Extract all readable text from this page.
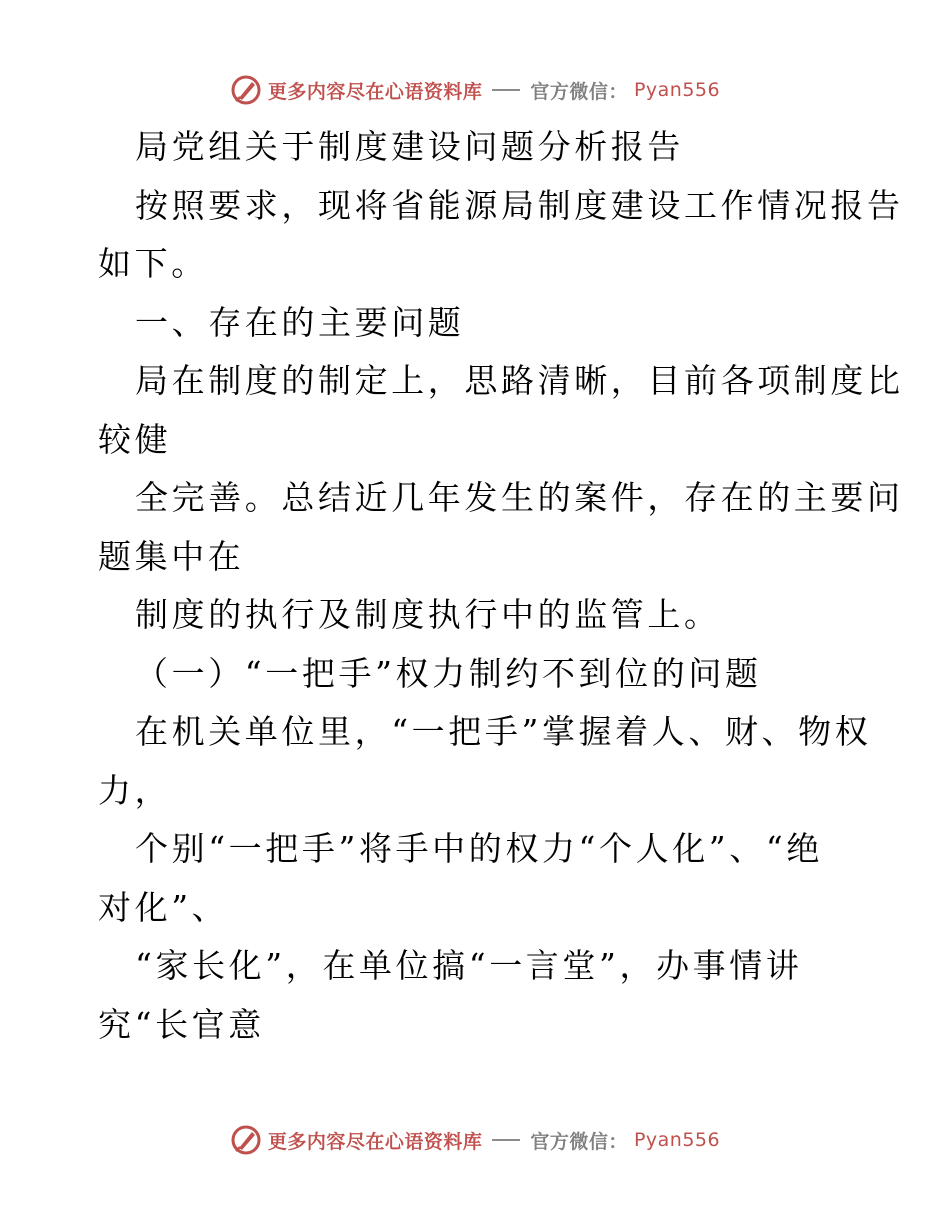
更多内容尽在心语资料库	官方微信： Pyan556

局党组关于制度建设问题分析报告

按照要求，现将省能源局制度建设工作情况报告

如下。

一、存在的主要问题

局在制度的制定上，思路清晰，目前各项制度比

较健

全完善。总结近几年发生的案件，存在的主要问

题集中在

制度的执行及制度执行中的监管上。

（一）“一把手”权力制约不到位的问题

在机关单位里，“一把手”掌握着人、财、物权

力，

个别“一把手”将手中的权力“个人化”、“绝

对化”、

“家长化”，在单位搞“一言堂”，办事情讲

究“长官意

更多内容尽在心语资料库	官方微信： Pyan556
